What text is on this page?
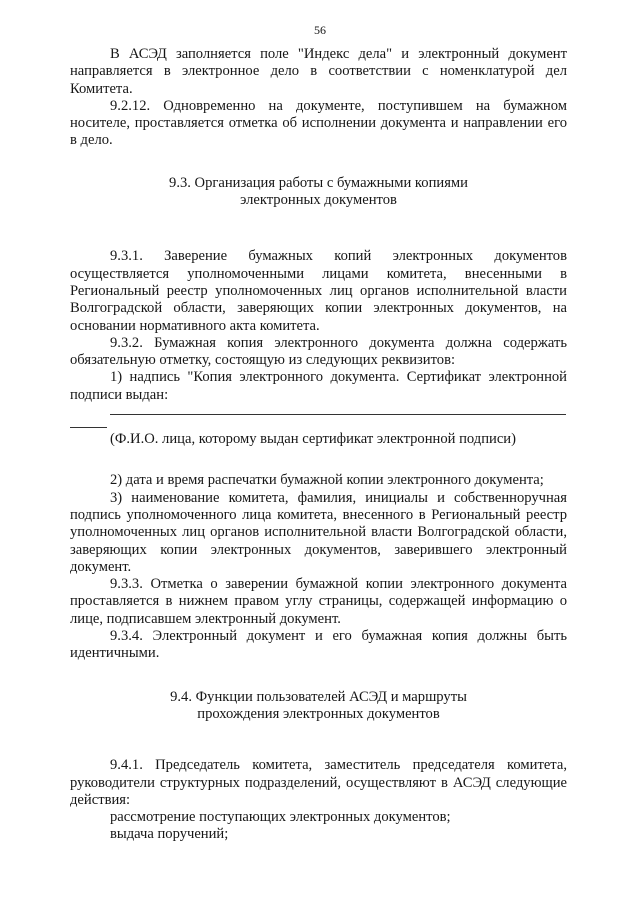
56

В АСЭД заполняется поле "Индекс дела" и электронный документ направляется в электронное дело в соответствии с номенклатурой дел Комитета.

9.2.12. Одновременно на документе, поступившем на бумажном носителе, проставляется отметка об исполнении документа и направлении его в дело.

9.3. Организация работы с бумажными копиями

электронных документов

9.3.1. Заверение бумажных копий электронных документов осуществляется уполномоченными лицами комитета, внесенными в Региональный реестр уполномоченных лиц органов исполнительной власти Волгоградской области, заверяющих копии электронных документов, на основании нормативного акта комитета.

9.3.2. Бумажная копия электронного документа должна содержать обязательную отметку, состоящую из следующих реквизитов:

1) надпись "Копия электронного документа. Сертификат электронной подписи выдан:

(Ф.И.О. лица, которому выдан сертификат электронной подписи)

2) дата и время распечатки бумажной копии электронного документа;

3) наименование комитета, фамилия, инициалы и собственноручная подпись уполномоченного лица комитета, внесенного в Региональный реестр уполномоченных лиц органов исполнительной власти Волгоградской области, заверяющих копии электронных документов, заверившего электронный документ.

9.3.3. Отметка о заверении бумажной копии электронного документа проставляется в нижнем правом углу страницы, содержащей информацию о лице, подписавшем электронный документ.

9.3.4. Электронный документ и его бумажная копия должны быть идентичными.

9.4. Функции пользователей АСЭД и маршруты

прохождения электронных документов

9.4.1. Председатель комитета, заместитель председателя комитета, руководители структурных подразделений, осуществляют в АСЭД следующие действия:

рассмотрение поступающих электронных документов;

выдача поручений;
